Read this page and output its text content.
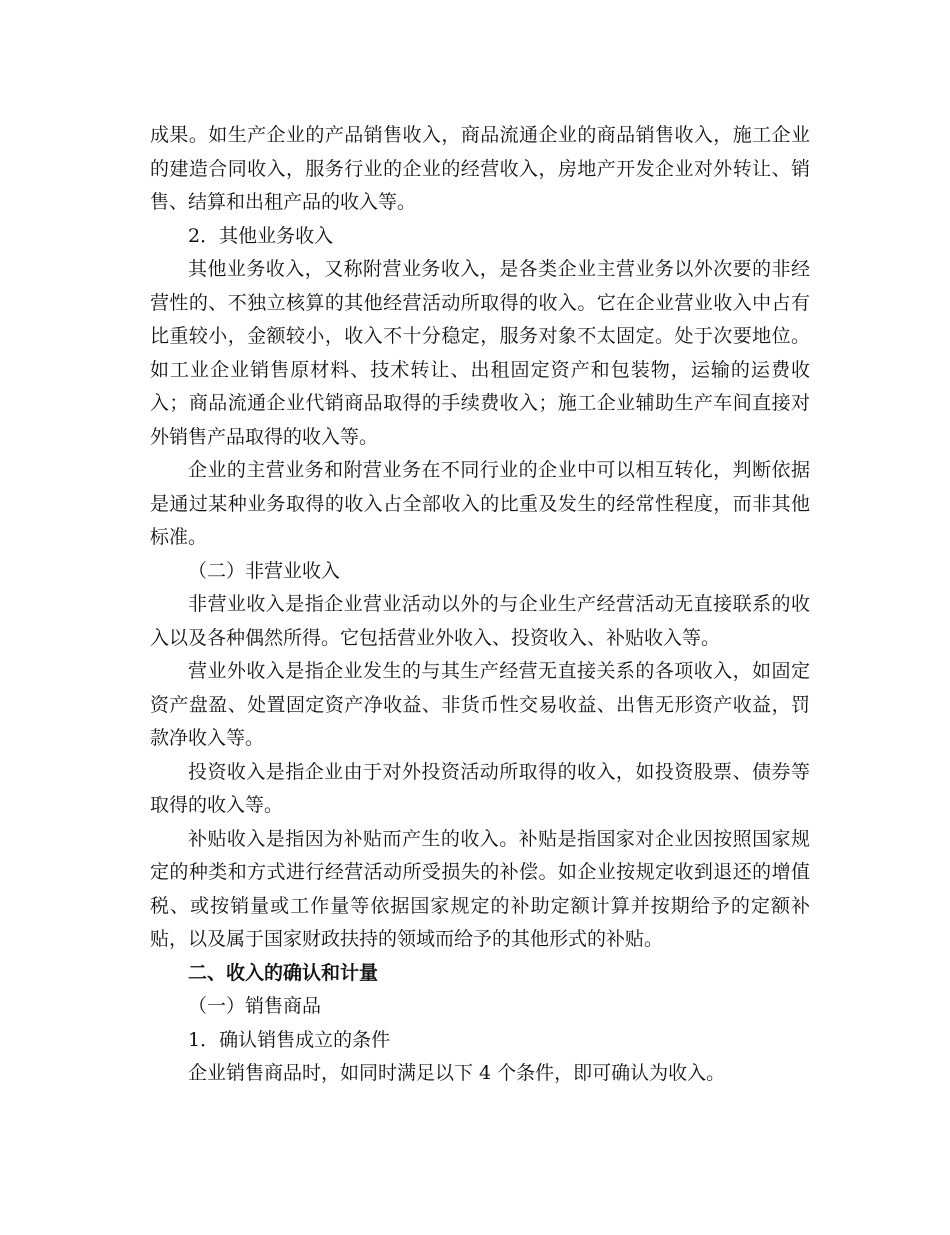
成果。如生产企业的产品销售收入，商品流通企业的商品销售收入，施工企业的建造合同收入，服务行业的企业的经营收入，房地产开发企业对外转让、销售、结算和出租产品的收入等。

2．其他业务收入

其他业务收入，又称附营业务收入，是各类企业主营业务以外次要的非经营性的、不独立核算的其他经营活动所取得的收入。它在企业营业收入中占有比重较小，金额较小，收入不十分稳定，服务对象不太固定。处于次要地位。如工业企业销售原材料、技术转让、出租固定资产和包装物，运输的运费收入；商品流通企业代销商品取得的手续费收入；施工企业辅助生产车间直接对外销售产品取得的收入等。

企业的主营业务和附营业务在不同行业的企业中可以相互转化，判断依据是通过某种业务取得的收入占全部收入的比重及发生的经常性程度，而非其他标准。

（二）非营业收入

非营业收入是指企业营业活动以外的与企业生产经营活动无直接联系的收入以及各种偶然所得。它包括营业外收入、投资收入、补贴收入等。

营业外收入是指企业发生的与其生产经营无直接关系的各项收入，如固定资产盘盈、处置固定资产净收益、非货币性交易收益、出售无形资产收益，罚款净收入等。

投资收入是指企业由于对外投资活动所取得的收入，如投资股票、债券等取得的收入等。

补贴收入是指因为补贴而产生的收入。补贴是指国家对企业因按照国家规定的种类和方式进行经营活动所受损失的补偿。如企业按规定收到退还的增值税、或按销量或工作量等依据国家规定的补助定额计算并按期给予的定额补贴，以及属于国家财政扶持的领域而给予的其他形式的补贴。

二、收入的确认和计量

（一）销售商品

1．确认销售成立的条件

企业销售商品时，如同时满足以下 4 个条件，即可确认为收入。
